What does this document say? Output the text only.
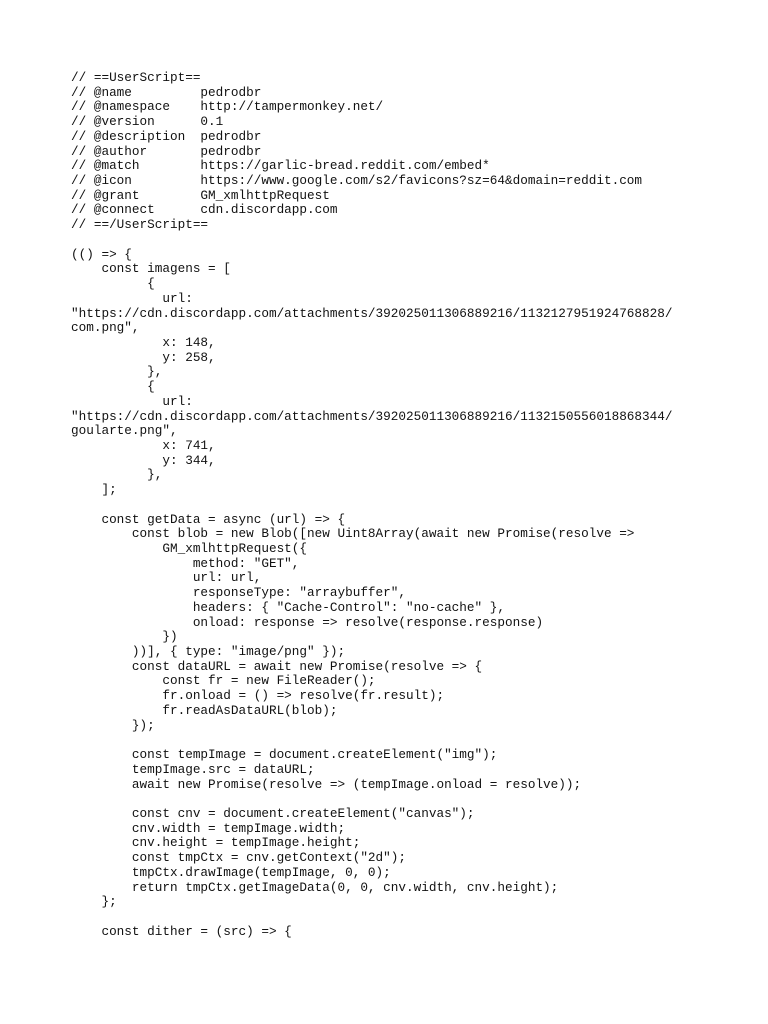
// ==UserScript==
// @name         pedrodbr
// @namespace    http://tampermonkey.net/
// @version      0.1
// @description  pedrodbr
// @author       pedrodbr
// @match        https://garlic-bread.reddit.com/embed*
// @icon         https://www.google.com/s2/favicons?sz=64&domain=reddit.com
// @grant        GM_xmlhttpRequest
// @connect      cdn.discordapp.com
// ==/UserScript==
(() => {
const imagens = [
{
url:
"https://cdn.discordapp.com/attachments/392025011306889216/1132127951924768828/
com.png",
x: 148,
y: 258,
},
{
url:
"https://cdn.discordapp.com/attachments/392025011306889216/1132150556018868344/
goularte.png",
x: 741,
y: 344,
},
];
const getData = async (url) => {
const blob = new Blob([new Uint8Array(await new Promise(resolve =>
GM_xmlhttpRequest({
method: "GET",
url: url,
responseType: "arraybuffer",
headers: { "Cache-Control": "no-cache" },
onload: response => resolve(response.response)
})
))], { type: "image/png" });
const dataURL = await new Promise(resolve => {
const fr = new FileReader();
fr.onload = () => resolve(fr.result);
fr.readAsDataURL(blob);
});
const tempImage = document.createElement("img");
tempImage.src = dataURL;
await new Promise(resolve => (tempImage.onload = resolve));
const cnv = document.createElement("canvas");
cnv.width = tempImage.width;
cnv.height = tempImage.height;
const tmpCtx = cnv.getContext("2d");
tmpCtx.drawImage(tempImage, 0, 0);
return tmpCtx.getImageData(0, 0, cnv.width, cnv.height);
};
const dither = (src) => {
